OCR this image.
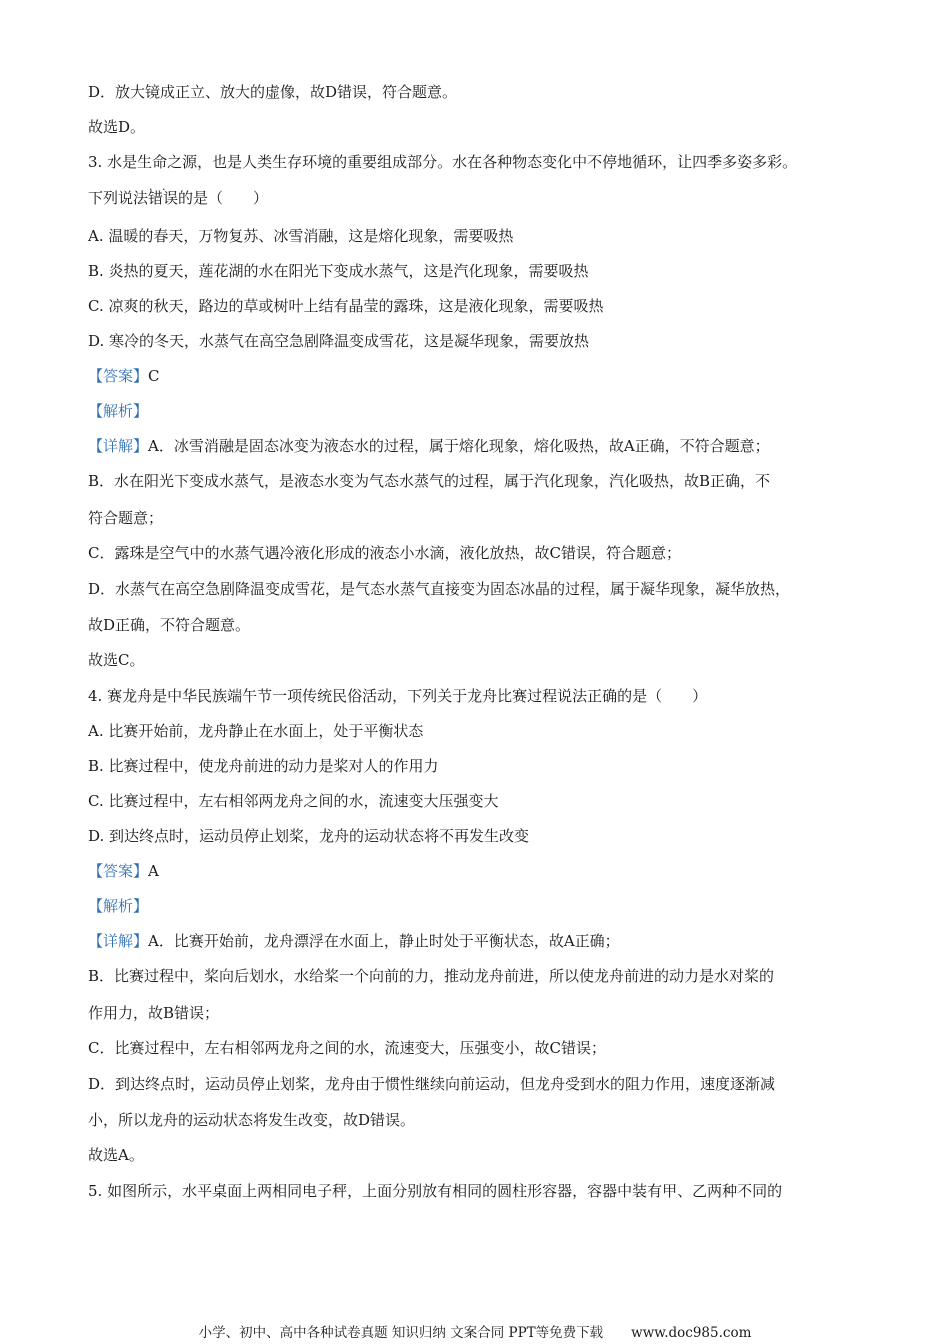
D．放大镜成正立、放大的虚像，故D错误，符合题意。
故选D。
3. 水是生命之源，也是人类生存环境的重要组成部分。水在各种物态变化中不停地循环，让四季多姿多彩。
下列说法· · 错误的是（　　）
A. 温暖的春天，万物复苏、冰雪消融，这是熔化现象，需要吸热
B. 炎热的夏天，莲花湖的水在阳光下变成水蒸气，这是汽化现象，需要吸热
C. 凉爽的秋天，路边的草或树叶上结有晶莹的露珠，这是液化现象，需要吸热
D. 寒冷的冬天，水蒸气在高空急剧降温变成雪花，这是凝华现象，需要放热
【答案】C
【解析】
【详解】A．冰雪消融是固态冰变为液态水的过程，属于熔化现象，熔化吸热，故A正确，不符合题意；
B．水在阳光下变成水蒸气，是液态水变为气态水蒸气的过程，属于汽化现象，汽化吸热，故B正确，不
符合题意；
C．露珠是空气中的水蒸气遇冷液化形成的液态小水滴，液化放热，故C错误，符合题意；
D．水蒸气在高空急剧降温变成雪花，是气态水蒸气直接变为固态冰晶的过程，属于凝华现象，凝华放热，
故D正确，不符合题意。
故选C。
4. 赛龙舟是中华民族端午节一项传统民俗活动，下列关于龙舟比赛过程说法正确的是（　　）
A. 比赛开始前，龙舟静止在水面上，处于平衡状态
B. 比赛过程中，使龙舟前进的动力是桨对人的作用力
C. 比赛过程中，左右相邻两龙舟之间的水，流速变大压强变大
D. 到达终点时，运动员停止划桨，龙舟的运动状态将不再发生改变
【答案】A
【解析】
【详解】A．比赛开始前，龙舟漂浮在水面上，静止时处于平衡状态，故A正确；
B．比赛过程中，桨向后划水，水给桨一个向前的力，推动龙舟前进，所以使龙舟前进的动力是水对桨的
作用力，故B错误；
C．比赛过程中，左右相邻两龙舟之间的水，流速变大，压强变小，故C错误；
D．到达终点时，运动员停止划桨，龙舟由于惯性继续向前运动，但龙舟受到水的阻力作用，速度逐渐减
小，所以龙舟的运动状态将发生改变，故D错误。
故选A。
5. 如图所示，水平桌面上两相同电子秤，上面分别放有相同的圆柱形容器，容器中装有甲、乙两种不同的
小学、初中、高中各种试卷真题 知识归纳 文案合同 PPT等免费下载 www.doc985.com
